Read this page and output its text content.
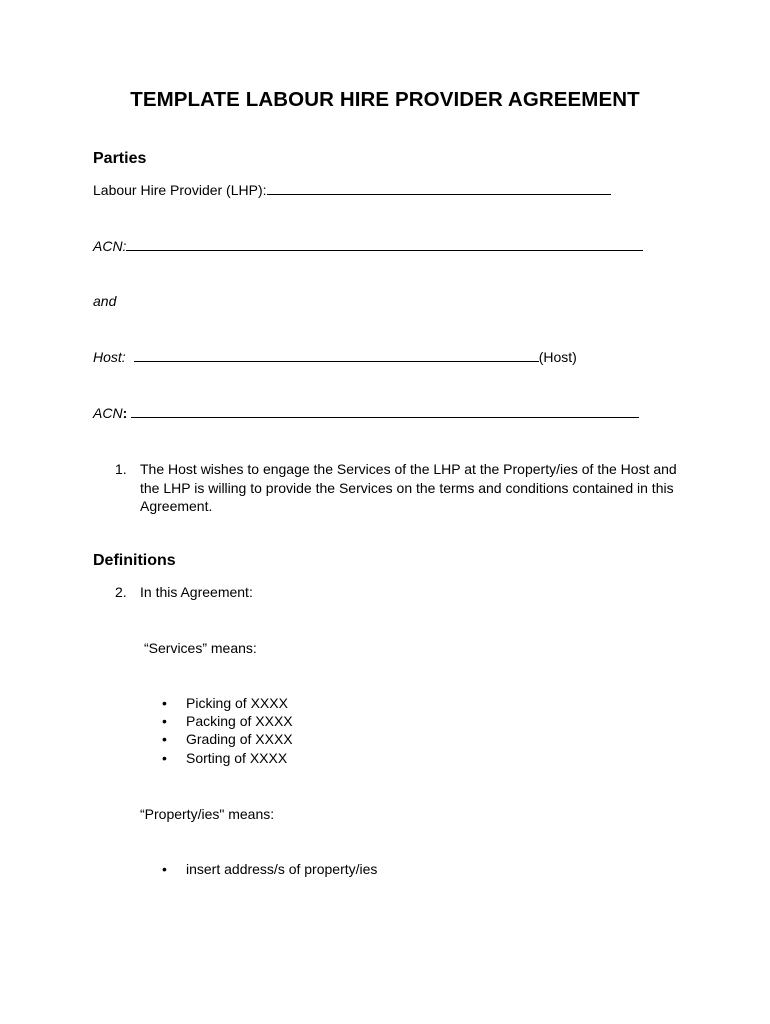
TEMPLATE LABOUR HIRE PROVIDER AGREEMENT
Parties
Labour Hire Provider (LHP):
ACN:
and
Host:	(Host)
ACN:
1. The Host wishes to engage the Services of the LHP at the Property/ies of the Host and the LHP is willing to provide the Services on the terms and conditions contained in this Agreement.
Definitions
2. In this Agreement:
“Services” means:
• Picking of XXXX
• Packing of XXXX
• Grading of XXXX
• Sorting of XXXX
“Property/ies" means:
• insert address/s of property/ies
